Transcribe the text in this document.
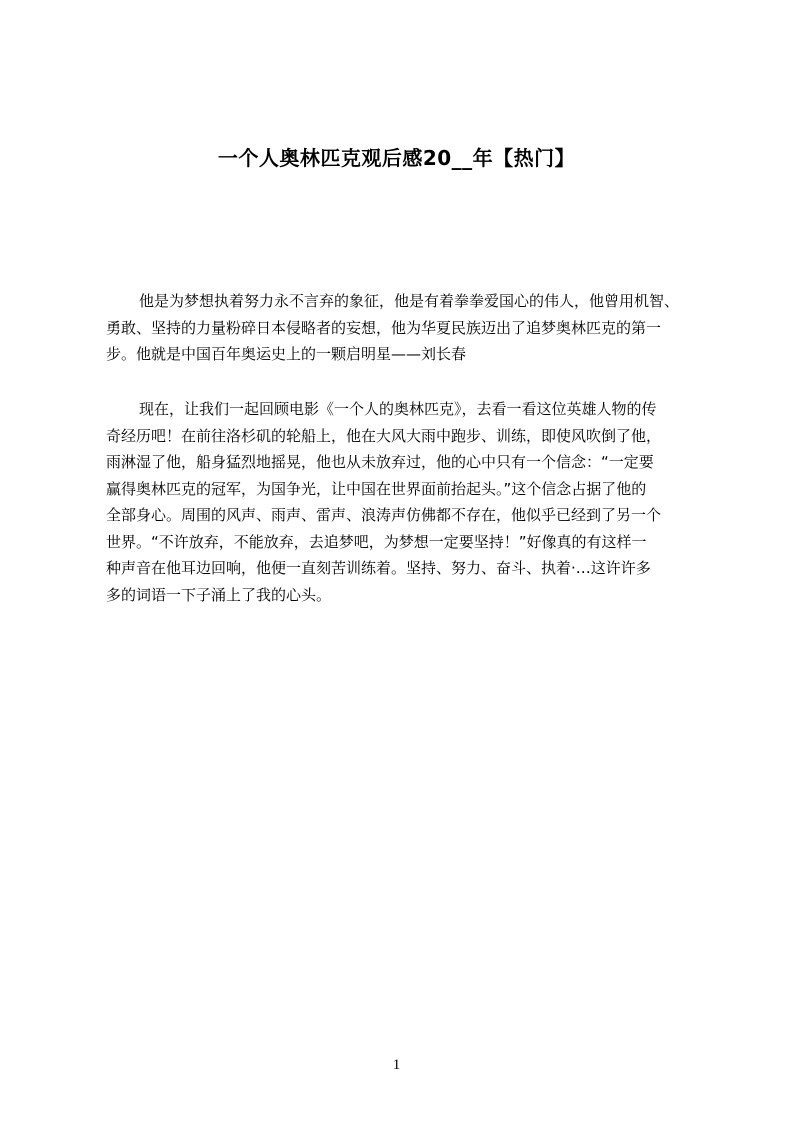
一个人奥林匹克观后感20__年【热门】
他是为梦想执着努力永不言弃的象征，他是有着拳拳爱国心的伟人，他曾用机智、
勇敢、坚持的力量粉碎日本侵略者的妄想，他为华夏民族迈出了追梦奥林匹克的第一
步。他就是中国百年奥运史上的一颗启明星——刘长春
现在，让我们一起回顾电影《一个人的奥林匹克》，去看一看这位英雄人物的传
奇经历吧！在前往洛杉矶的轮船上，他在大风大雨中跑步、训练，即使风吹倒了他，
雨淋湿了他，船身猛烈地摇晃，他也从未放弃过，他的心中只有一个信念：“一定要
赢得奥林匹克的冠军，为国争光，让中国在世界面前抬起头。”这个信念占据了他的
全部身心。周围的风声、雨声、雷声、浪涛声仿佛都不存在，他似乎已经到了另一个
世界。“不许放弃，不能放弃，去追梦吧，为梦想一定要坚持！”好像真的有这样一
种声音在他耳边回响，他便一直刻苦训练着。坚持、努力、奋斗、执着·…这许许多
多的词语一下子涌上了我的心头。
1
